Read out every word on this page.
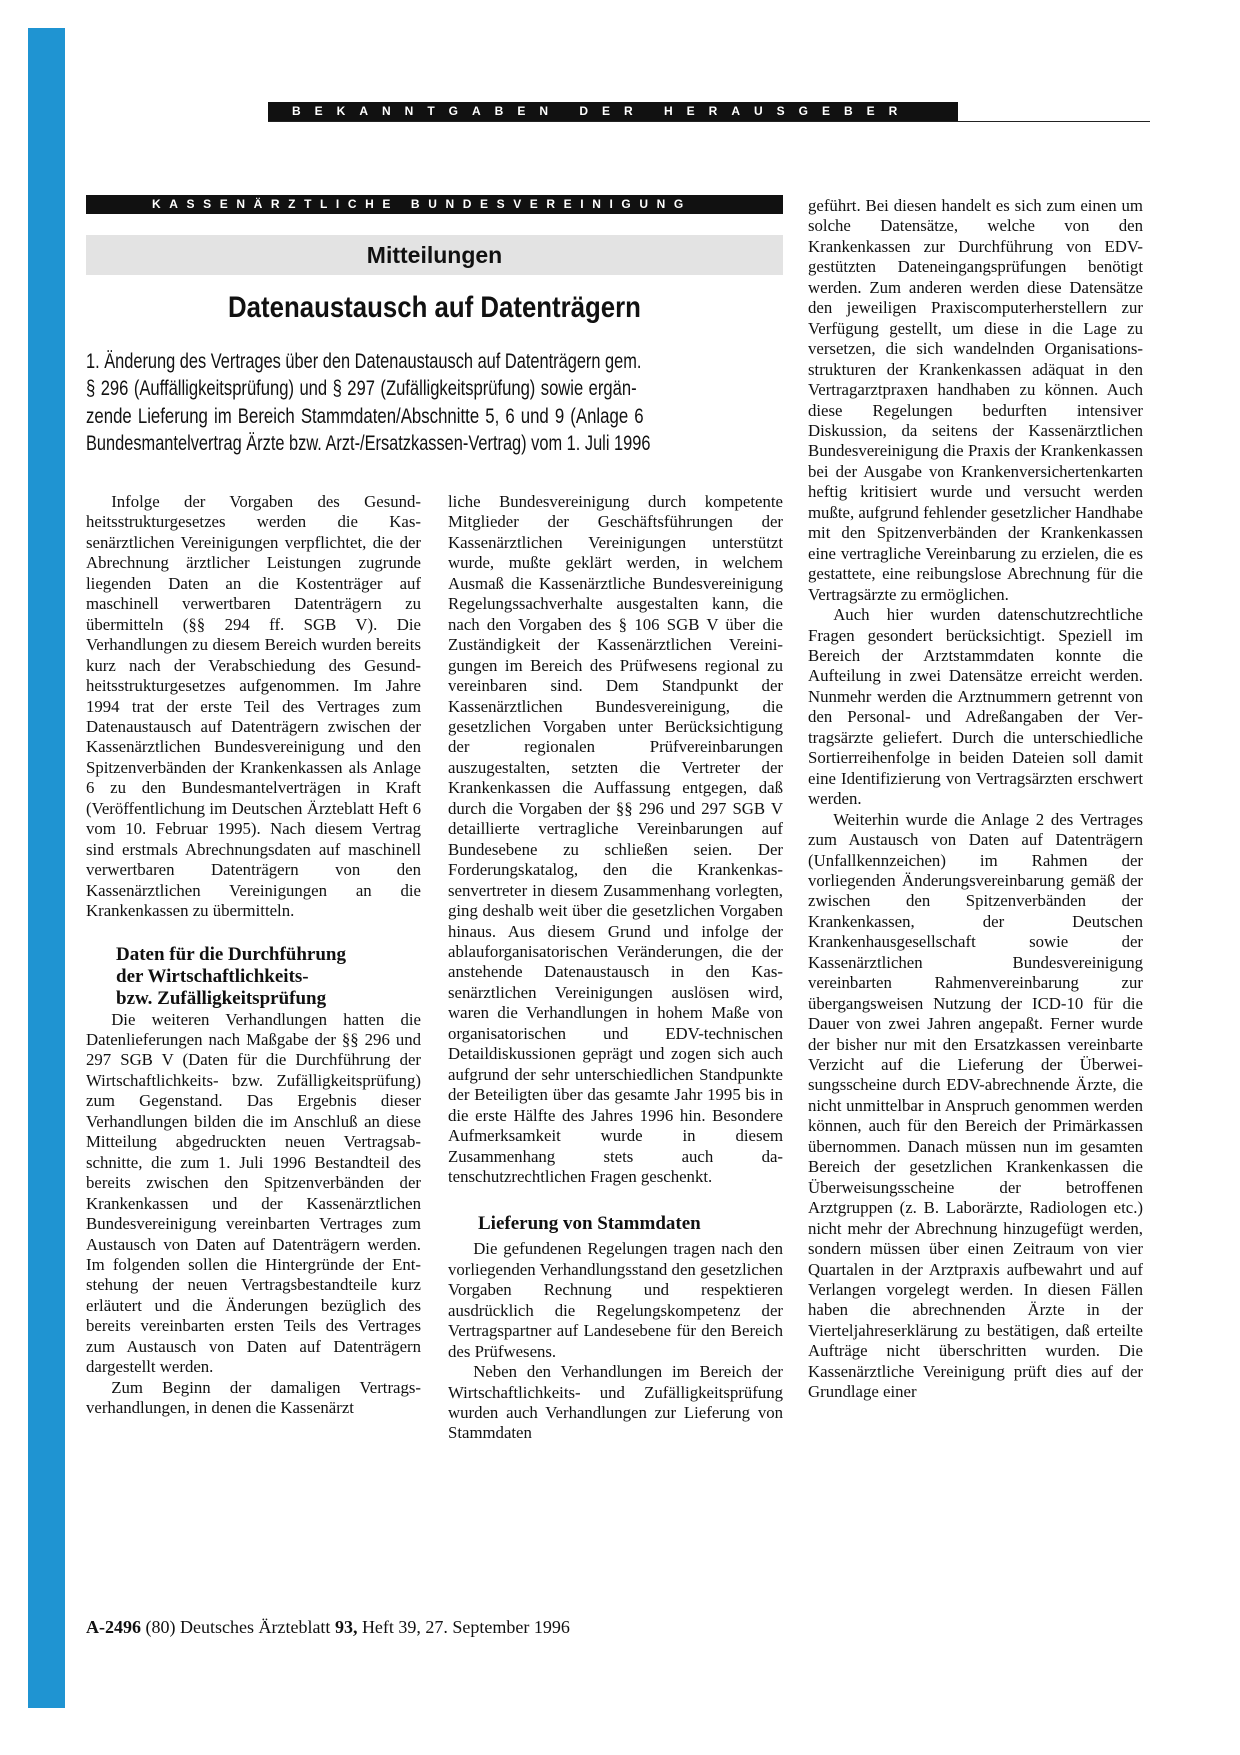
BEKANNTGABEN DER HERAUSGEBER
KASSENÄRZTLICHE BUNDESVEREINIGUNG
Mitteilungen
Datenaustausch auf Datenträgern
1. Änderung des Vertrages über den Datenaustausch auf Datenträgern gem.
§ 296 (Auffälligkeitsprüfung) und § 297 (Zufälligkeitsprüfung) sowie ergän-
zende Lieferung im Bereich Stammdaten/Abschnitte 5, 6 und 9 (Anlage 6
Bundesmantelvertrag Ärzte bzw. Arzt-/Ersatzkassen-Vertrag) vom 1. Juli 1996

Infolge der Vorgaben des Gesundheitsstrukturgesetzes werden die Kassenärztlichen Vereinigungen verpflichtet, die der Abrechnung ärztlicher Leistungen zugrunde liegenden Daten an die Kostenträger auf maschinell verwertbaren Datenträgern zu übermitteln (§§ 294 ff. SGB V). Die Verhandlungen zu diesem Bereich wurden bereits kurz nach der Verabschiedung des Gesundheitsstrukturgesetzes aufgenommen. Im Jahre 1994 trat der erste Teil des Vertrages zum Datenaustausch auf Datenträgern zwischen der Kassenärztlichen Bundesvereinigung und den Spitzenverbänden der Krankenkassen als Anlage 6 zu den Bundesmantelverträgen in Kraft (Veröffentlichung im Deutschen Ärzteblatt Heft 6 vom 10. Februar 1995). Nach diesem Vertrag sind erstmals Abrechnungsdaten auf maschinell verwertbaren Datenträgern von den Kassenärztlichen Vereinigungen an die Krankenkassen zu übermitteln.

Daten für die Durchführung
der Wirtschaftlichkeits-
bzw. Zufälligkeitsprüfung

Die weiteren Verhandlungen hatten die Datenlieferungen nach Maßgabe der §§ 296 und 297 SGB V (Daten für die Durchführung der Wirtschaftlichkeits- bzw. Zufälligkeitsprüfung) zum Gegenstand. Das Ergebnis dieser Verhandlungen bilden die im Anschluß an diese Mitteilung abgedruckten neuen Vertragsabschnitte, die zum 1. Juli 1996 Bestandteil des bereits zwischen den Spitzenverbänden der Krankenkassen und der Kassenärztlichen Bundesvereinigung vereinbarten Vertrages zum Austausch von Daten auf Datenträgern werden. Im folgenden sollen die Hintergründe der Entstehung der neuen Vertragsbestandteile kurz erläutert und die Änderungen bezüglich des bereits vereinbarten ersten Teils des Vertrages zum Austausch von Daten auf Datenträgern dargestellt werden.

Zum Beginn der damaligen Vertragsverhandlungen, in denen die Kassenärzt

liche Bundesvereinigung durch kompetente Mitglieder der Geschäftsführungen der Kassenärztlichen Vereinigungen unterstützt wurde, mußte geklärt werden, in welchem Ausmaß die Kassenärztliche Bundesvereinigung Regelungssachverhalte ausgestalten kann, die nach den Vorgaben des § 106 SGB V über die Zuständigkeit der Kassenärztlichen Vereinigungen im Bereich des Prüfwesens regional zu vereinbaren sind. Dem Standpunkt der Kassenärztlichen Bundesvereinigung, die gesetzlichen Vorgaben unter Berücksichtigung der regionalen Prüfvereinbarungen auszugestalten, setzten die Vertreter der Krankenkassen die Auffassung entgegen, daß durch die Vorgaben der §§ 296 und 297 SGB V detaillierte vertragliche Vereinbarungen auf Bundesebene zu schließen seien. Der Forderungskatalog, den die Krankenkassenvertreter in diesem Zusammenhang vorlegten, ging deshalb weit über die gesetzlichen Vorgaben hinaus. Aus diesem Grund und infolge der ablauforganisatorischen Veränderungen, die der anstehende Datenaustausch in den Kassenärztlichen Vereinigungen auslösen wird, waren die Verhandlungen in hohem Maße von organisatorischen und EDV-technischen Detaildiskussionen geprägt und zogen sich auch aufgrund der sehr unterschiedlichen Standpunkte der Beteiligten über das gesamte Jahr 1995 bis in die erste Hälfte des Jahres 1996 hin. Besondere Aufmerksamkeit wurde in diesem Zusammenhang stets auch datenschutzrechtlichen Fragen geschenkt.

Lieferung von Stammdaten

Die gefundenen Regelungen tragen nach den vorliegenden Verhandlungsstand den gesetzlichen Vorgaben Rechnung und respektieren ausdrücklich die Regelungskompetenz der Vertragspartner auf Landesebene für den Bereich des Prüfwesens.

Neben den Verhandlungen im Bereich der Wirtschaftlichkeits- und Zufälligkeitsprüfung wurden auch Verhandlungen zur Lieferung von Stammdaten

geführt. Bei diesen handelt es sich zum einen um solche Datensätze, welche von den Krankenkassen zur Durchführung von EDV-gestützten Dateneingangsprüfungen benötigt werden. Zum anderen werden diese Datensätze den jeweiligen Praxiscomputerherstellern zur Verfügung gestellt, um diese in die Lage zu versetzen, die sich wandelnden Organisationsstrukturen der Krankenkassen adäquat in den Vertragarztpraxen handhaben zu können. Auch diese Regelungen bedurften intensiver Diskussion, da seitens der Kassenärztlichen Bundesvereinigung die Praxis der Krankenkassen bei der Ausgabe von Krankenversichertenkarten heftig kritisiert wurde und versucht werden mußte, aufgrund fehlender gesetzlicher Handhabe mit den Spitzenverbänden der Krankenkassen eine vertragliche Vereinbarung zu erzielen, die es gestattete, eine reibungslose Abrechnung für die Vertragsärzte zu ermöglichen.

Auch hier wurden datenschutzrechtliche Fragen gesondert berücksichtigt. Speziell im Bereich der Arztstammdaten konnte die Aufteilung in zwei Datensätze erreicht werden. Nunmehr werden die Arztnummern getrennt von den Personal- und Adreßangaben der Vertragsärzte geliefert. Durch die unterschiedliche Sortierreihenfolge in beiden Dateien soll damit eine Identifizierung von Vertragsärzten erschwert werden.

Weiterhin wurde die Anlage 2 des Vertrages zum Austausch von Daten auf Datenträgern (Unfallkennzeichen) im Rahmen der vorliegenden Änderungsvereinbarung gemäß der zwischen den Spitzenverbänden der Krankenkassen, der Deutschen Krankenhausgesellschaft sowie der Kassenärztlichen Bundesvereinigung vereinbarten Rahmenvereinbarung zur übergangsweisen Nutzung der ICD-10 für die Dauer von zwei Jahren angepaßt. Ferner wurde der bisher nur mit den Ersatzkassen vereinbarte Verzicht auf die Lieferung der Überweisungsscheine durch EDV-abrechnende Ärzte, die nicht unmittelbar in Anspruch genommen werden können, auch für den Bereich der Primärkassen übernommen. Danach müssen nun im gesamten Bereich der gesetzlichen Krankenkassen die Überweisungsscheine der betroffenen Arztgruppen (z. B. Laborärzte, Radiologen etc.) nicht mehr der Abrechnung hinzugefügt werden, sondern müssen über einen Zeitraum von vier Quartalen in der Arztpraxis aufbewahrt und auf Verlangen vorgelegt werden. In diesen Fällen haben die abrechnenden Ärzte in der Vierteljahreserklärung zu bestätigen, daß erteilte Aufträge nicht überschritten wurden. Die Kassenärztliche Vereinigung prüft dies auf der Grundlage einer

A-2496 (80) Deutsches Ärzteblatt 93, Heft 39, 27. September 1996
